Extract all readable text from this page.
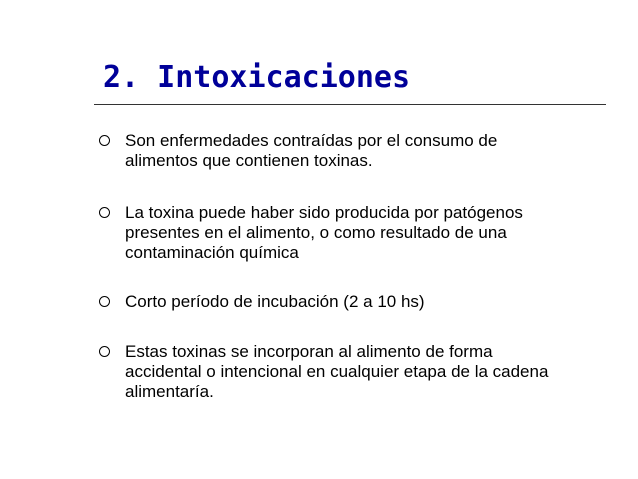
2. Intoxicaciones
Son enfermedades contraídas por el consumo de
alimentos que contienen toxinas.
La toxina puede haber sido producida por patógenos
presentes en el alimento, o como resultado de una
contaminación química
Corto período de incubación (2 a 10 hs)
Estas toxinas se incorporan al alimento de forma
accidental o intencional en cualquier etapa de la cadena
alimentaría.
